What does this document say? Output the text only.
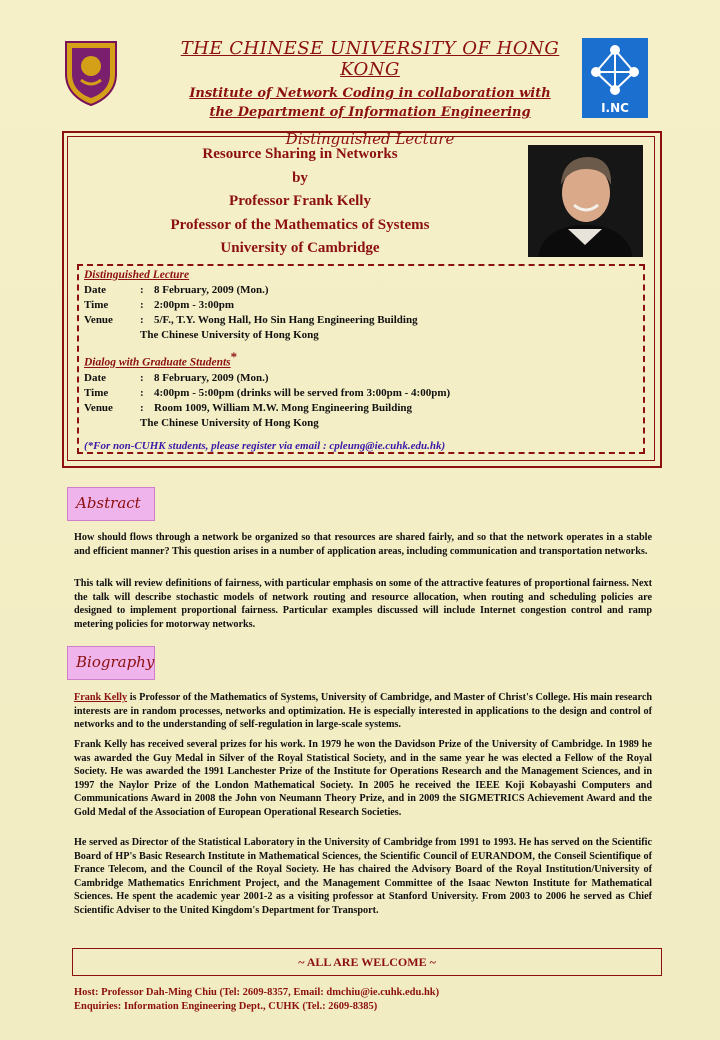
THE CHINESE UNIVERSITY OF HONG KONG
Institute of Network Coding in collaboration with
the Department of Information Engineering
Distinguished Lecture
I.NC
Resource Sharing in Networks
by
Professor Frank Kelly
Professor of the Mathematics of Systems
University of Cambridge
Distinguished Lecture
Date	: 8 February, 2009 (Mon.)
Time	: 2:00pm - 3:00pm
Venue	: 5/F., T.Y. Wong Hall, Ho Sin Hang Engineering Building
The Chinese University of Hong Kong
Dialog with Graduate Students*
Date	: 8 February, 2009 (Mon.)
Time	: 4:00pm - 5:00pm (drinks will be served from 3:00pm - 4:00pm)
Venue	: Room 1009, William M.W. Mong Engineering Building
The Chinese University of Hong Kong
(*For non-CUHK students, please register via email : cpleung@ie.cuhk.edu.hk)
Abstract
How should flows through a network be organized so that resources are shared fairly, and so that the network operates in a stable and efficient manner? This question arises in a number of application areas, including communication and transportation networks.
This talk will review definitions of fairness, with particular emphasis on some of the attractive features of proportional fairness. Next the talk will describe stochastic models of network routing and resource allocation, when routing and scheduling policies are designed to implement proportional fairness. Particular examples discussed will include Internet congestion control and ramp metering policies for motorway networks.
Biography
Frank Kelly is Professor of the Mathematics of Systems, University of Cambridge, and Master of Christ's College. His main research interests are in random processes, networks and optimization. He is especially interested in applications to the design and control of networks and to the understanding of self-regulation in large-scale systems.
Frank Kelly has received several prizes for his work. In 1979 he won the Davidson Prize of the University of Cambridge. In 1989 he was awarded the Guy Medal in Silver of the Royal Statistical Society, and in the same year he was elected a Fellow of the Royal Society. He was awarded the 1991 Lanchester Prize of the Institute for Operations Research and the Management Sciences, and in 1997 the Naylor Prize of the London Mathematical Society. In 2005 he received the IEEE Koji Kobayashi Computers and Communications Award in 2008 the John von Neumann Theory Prize, and in 2009 the SIGMETRICS Achievement Award and the Gold Medal of the Association of European Operational Research Societies.
He served as Director of the Statistical Laboratory in the University of Cambridge from 1991 to 1993. He has served on the Scientific Board of HP's Basic Research Institute in Mathematical Sciences, the Scientific Council of EURANDOM, the Conseil Scientifique of France Telecom, and the Council of the Royal Society. He has chaired the Advisory Board of the Royal Institution/University of Cambridge Mathematics Enrichment Project, and the Management Committee of the Isaac Newton Institute for Mathematical Sciences. He spent the academic year 2001-2 as a visiting professor at Stanford University. From 2003 to 2006 he served as Chief Scientific Adviser to the United Kingdom's Department for Transport.
~ ALL ARE WELCOME ~
Host: Professor Dah-Ming Chiu (Tel: 2609-8357, Email: dmchiu@ie.cuhk.edu.hk)
Enquiries: Information Engineering Dept., CUHK (Tel.: 2609-8385)
